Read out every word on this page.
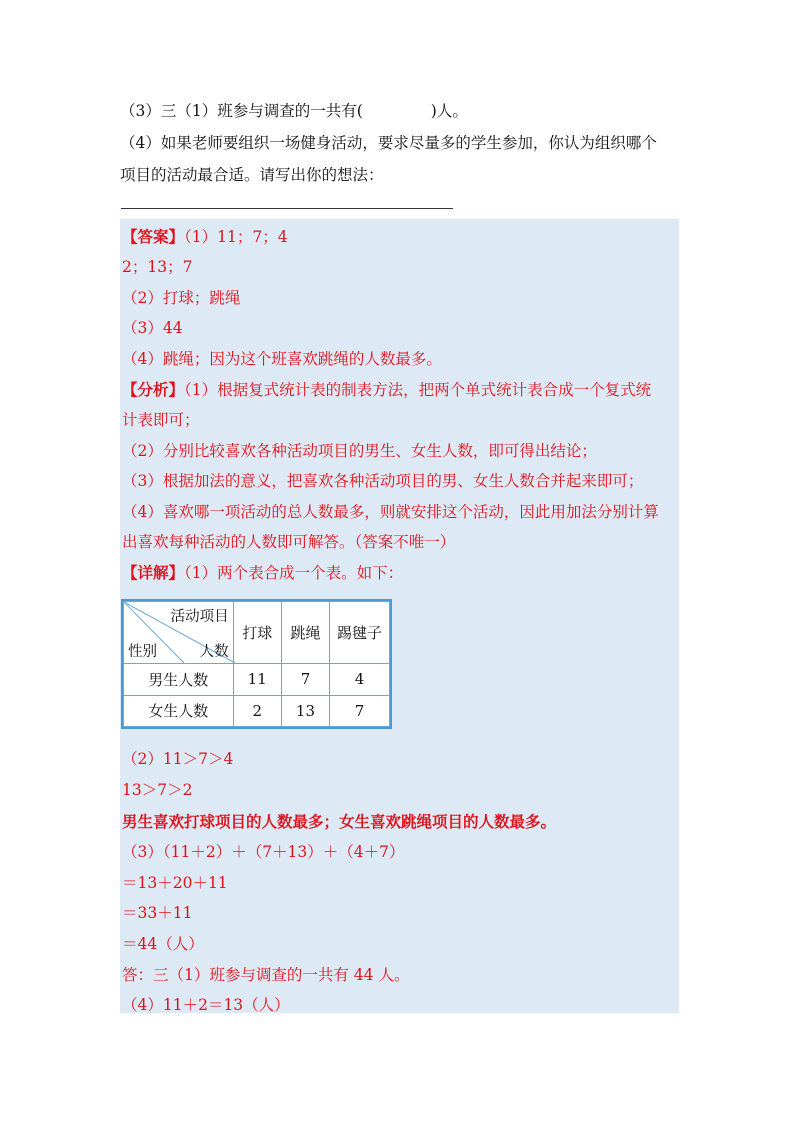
（3）三（1）班参与调查的一共有(	)人。
（4）如果老师要组织一场健身活动，要求尽量多的学生参加，你认为组织哪个
项目的活动最合适。请写出你的想法：
【答案】（1）11；7；4
2；13；7
（2）打球；跳绳
（3）44
（4）跳绳；因为这个班喜欢跳绳的人数最多。
【分析】（1）根据复式统计表的制表方法，把两个单式统计表合成一个复式统
计表即可；
（2）分别比较喜欢各种活动项目的男生、女生人数，即可得出结论；
（3）根据加法的意义，把喜欢各种活动项目的男、女生人数合并起来即可；
（4）喜欢哪一项活动的总人数最多，则就安排这个活动，因此用加法分别计算
出喜欢每种活动的人数即可解答。（答案不唯一）
【详解】（1）两个表合成一个表。如下：
活动项目
性别 人数	打球	跳绳	踢毽子
男生人数	11	7	4
女生人数	2	13	7
（2）11＞7＞4
13＞7＞2
男生喜欢打球项目的人数最多；女生喜欢跳绳项目的人数最多。
（3）（11＋2）＋（7＋13）＋（4＋7）
＝13＋20＋11
＝33＋11
＝44（人）
答：三（1）班参与调查的一共有 44 人。
（4）11＋2＝13（人）
